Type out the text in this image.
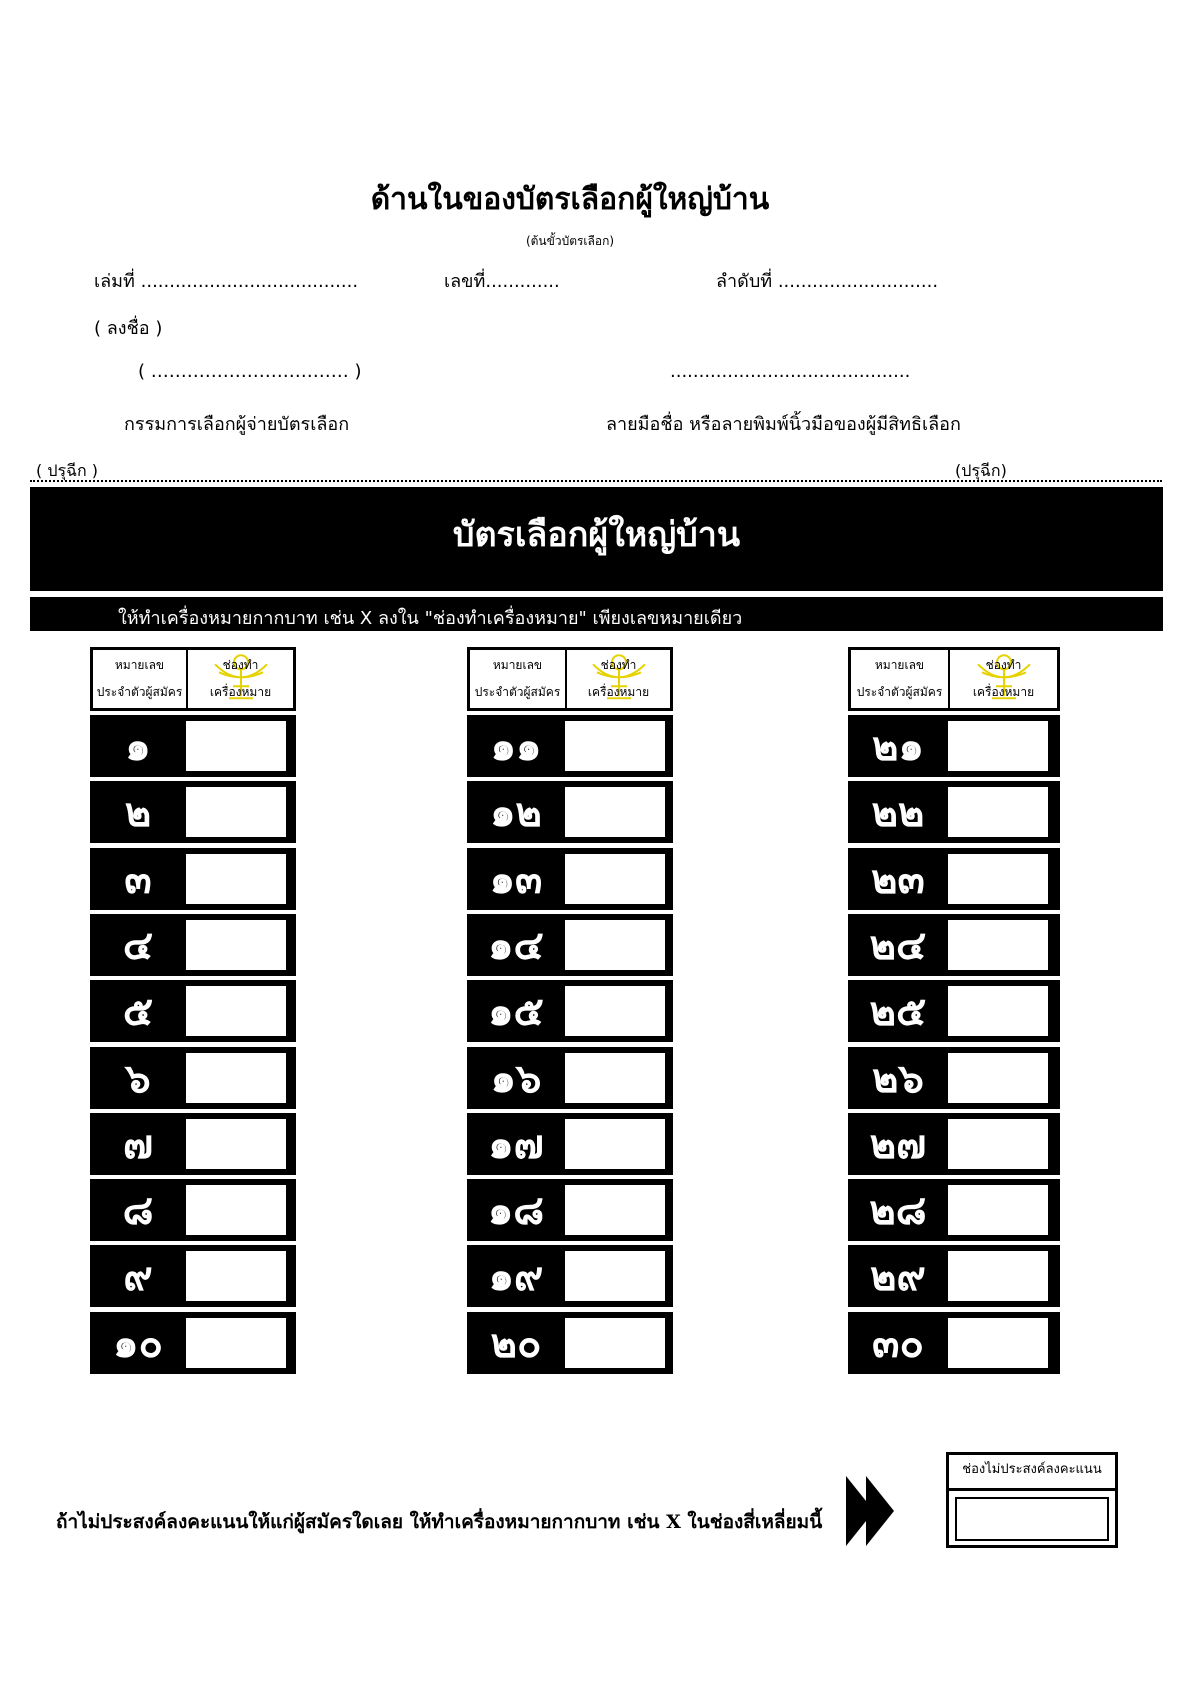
ด้านในของบัตรเลือกผู้ใหญ่บ้าน
(ต้นขั้วบัตรเลือก)
เล่มที่ ......................................	เลขที่.............	ลำดับที่ ............................
( ลงชื่อ )
( …………………………… )	..........................................
กรรมการเลือกผู้จ่ายบัตรเลือก	ลายมือชื่อ หรือลายพิมพ์นิ้วมือของผู้มีสิทธิเลือก
( ปรุฉีก )	(ปรุฉีก)
บัตรเลือกผู้ใหญ่บ้าน
ให้ทำเครื่องหมายกากบาท เช่น X ลงใน "ช่องทำเครื่องหมาย" เพียงเลขหมายเดียว
หมายเลข
ประจำตัวผู้สมัคร
ช่องทำ
เครื่องหมาย
๑
๒
๓
๔
๕
๖
๗
๘
๙
๑๐
หมายเลข
ประจำตัวผู้สมัคร
ช่องทำ
เครื่องหมาย
๑๑
๑๒
๑๓
๑๔
๑๕
๑๖
๑๗
๑๘
๑๙
๒๐
หมายเลข
ประจำตัวผู้สมัคร
ช่องทำ
เครื่องหมาย
๒๑
๒๒
๒๓
๒๔
๒๕
๒๖
๒๗
๒๘
๒๙
๓๐
ถ้าไม่ประสงค์ลงคะแนนให้แก่ผู้สมัครใดเลย ให้ทำเครื่องหมายกากบาท เช่น X ในช่องสี่เหลี่ยมนี้
ช่องไม่ประสงค์ลงคะแนน
